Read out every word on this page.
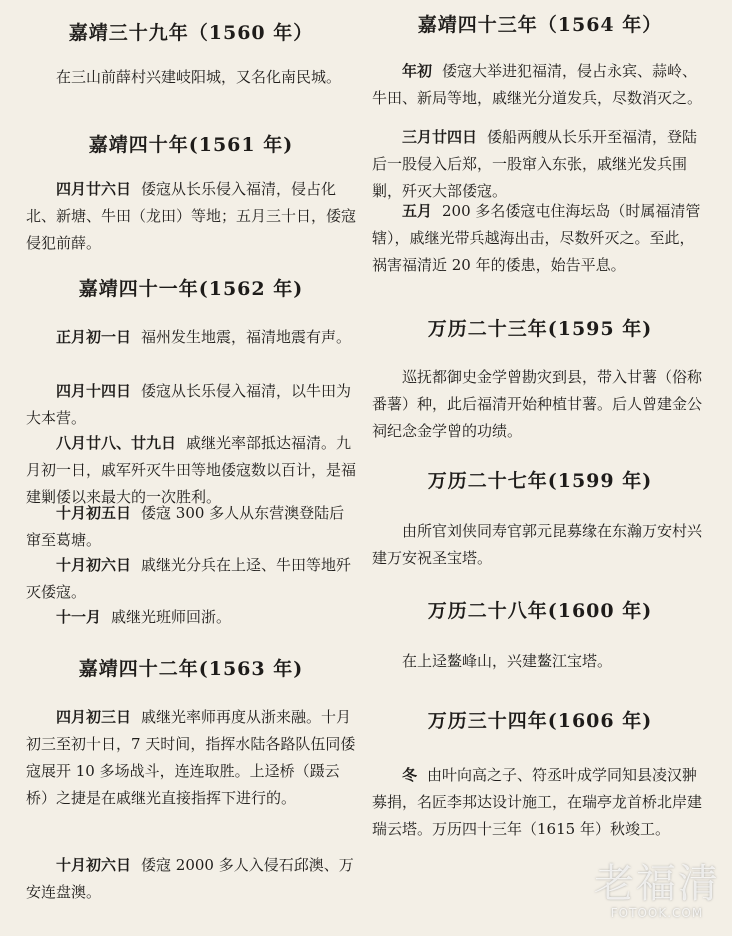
嘉靖三十九年（1560 年）

在三山前薛村兴建岐阳城，又名化南民城。

嘉靖四十年(1561 年)

四月廿六日 倭寇从长乐侵入福清，侵占化北、新塘、牛田（龙田）等地；五月三十日，倭寇侵犯前薛。

嘉靖四十一年(1562 年)

正月初一日 福州发生地震，福清地震有声。

四月十四日 倭寇从长乐侵入福清，以牛田为大本营。

八月廿八、廿九日 戚继光率部抵达福清。九月初一日，戚军歼灭牛田等地倭寇数以百计，是福建剿倭以来最大的一次胜利。

十月初五日 倭寇 300 多人从东营澳登陆后窜至葛塘。

十月初六日 戚继光分兵在上迳、牛田等地歼灭倭寇。

十一月 戚继光班师回浙。

嘉靖四十二年(1563 年)

四月初三日 戚继光率师再度从浙来融。十月初三至初十日，7 天时间，指挥水陆各路队伍同倭寇展开 10 多场战斗，连连取胜。上迳桥（蹑云桥）之捷是在戚继光直接指挥下进行的。

十月初六日 倭寇 2000 多人入侵石邱澳、万安连盘澳。

嘉靖四十三年（1564 年）

年初 倭寇大举进犯福清，侵占永宾、蒜岭、牛田、新局等地，戚继光分道发兵，尽数消灭之。

三月廿四日 倭船两艘从长乐开至福清，登陆后一股侵入后郑，一股窜入东张，戚继光发兵围剿，歼灭大部倭寇。

五月 200 多名倭寇屯住海坛岛（时属福清管辖），戚继光带兵越海出击，尽数歼灭之。至此，祸害福清近 20 年的倭患，始告平息。

万历二十三年(1595 年)

巡抚都御史金学曾勘灾到县，带入甘薯（俗称番薯）种，此后福清开始种植甘薯。后人曾建金公祠纪念金学曾的功绩。

万历二十七年(1599 年)

由所官刘侠同寿官郭元昆募缘在东瀚万安村兴建万安祝圣宝塔。

万历二十八年(1600 年)

在上迳鳌峰山，兴建鳌江宝塔。

万历三十四年(1606 年)

冬 由叶向高之子、符丞叶成学同知县凌汉翀募捐，名匠李邦达设计施工，在瑞亭龙首桥北岸建瑞云塔。万历四十三年（1615 年）秋竣工。

老福清
FOTOOK.COM
